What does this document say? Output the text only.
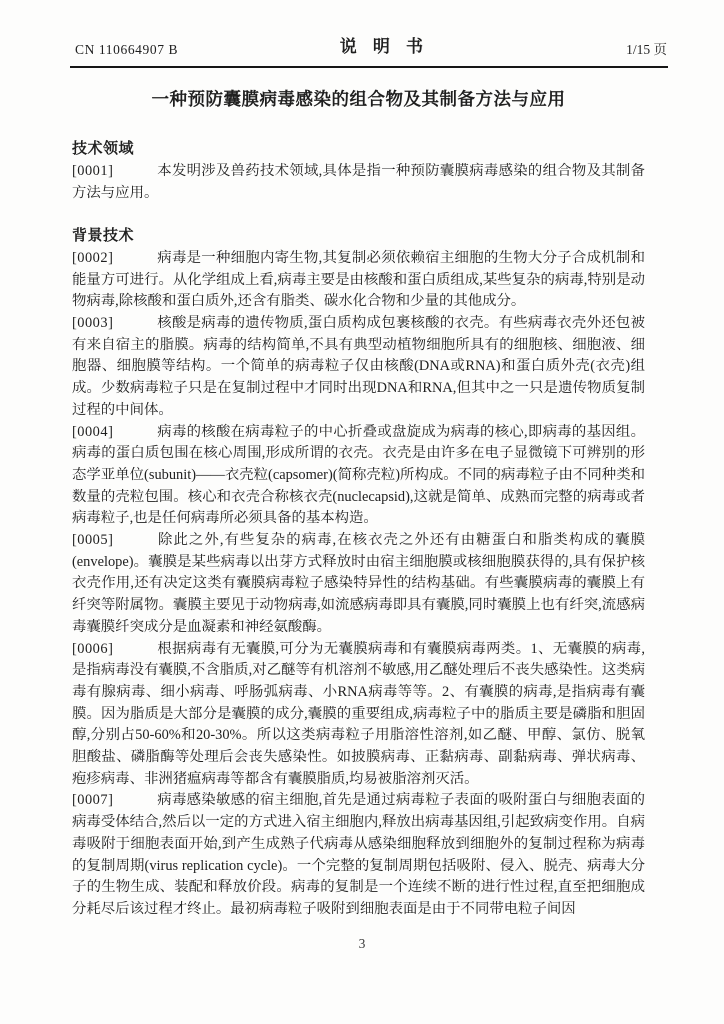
CN 110664907 B	说明书	1/15 页
一种预防囊膜病毒感染的组合物及其制备方法与应用
技术领域

[0001]	本发明涉及兽药技术领域,具体是指一种预防囊膜病毒感染的组合物及其制备方法与应用。

背景技术

[0002]	病毒是一种细胞内寄生物,其复制必须依赖宿主细胞的生物大分子合成机制和能量方可进行。从化学组成上看,病毒主要是由核酸和蛋白质组成,某些复杂的病毒,特别是动物病毒,除核酸和蛋白质外,还含有脂类、碳水化合物和少量的其他成分。

[0003]	核酸是病毒的遗传物质,蛋白质构成包裹核酸的衣壳。有些病毒衣壳外还包被有来自宿主的脂膜。病毒的结构简单,不具有典型动植物细胞所具有的细胞核、细胞液、细胞器、细胞膜等结构。一个简单的病毒粒子仅由核酸(DNA或RNA)和蛋白质外壳(衣壳)组成。少数病毒粒子只是在复制过程中才同时出现DNA和RNA,但其中之一只是遗传物质复制过程的中间体。

[0004]	病毒的核酸在病毒粒子的中心折叠或盘旋成为病毒的核心,即病毒的基因组。病毒的蛋白质包围在核心周围,形成所谓的衣壳。衣壳是由许多在电子显微镜下可辨别的形态学亚单位(subunit)——衣壳粒(capsomer)(简称壳粒)所构成。不同的病毒粒子由不同种类和数量的壳粒包围。核心和衣壳合称核衣壳(nuclecapsid),这就是简单、成熟而完整的病毒或者病毒粒子,也是任何病毒所必须具备的基本构造。

[0005]	除此之外,有些复杂的病毒,在核衣壳之外还有由糖蛋白和脂类构成的囊膜(envelope)。囊膜是某些病毒以出芽方式释放时由宿主细胞膜或核细胞膜获得的,具有保护核衣壳作用,还有决定这类有囊膜病毒粒子感染特异性的结构基础。有些囊膜病毒的囊膜上有纤突等附属物。囊膜主要见于动物病毒,如流感病毒即具有囊膜,同时囊膜上也有纤突,流感病毒囊膜纤突成分是血凝素和神经氨酸酶。

[0006]	根据病毒有无囊膜,可分为无囊膜病毒和有囊膜病毒两类。1、无囊膜的病毒,是指病毒没有囊膜,不含脂质,对乙醚等有机溶剂不敏感,用乙醚处理后不丧失感染性。这类病毒有腺病毒、细小病毒、呼肠弧病毒、小RNA病毒等等。2、有囊膜的病毒,是指病毒有囊膜。因为脂质是大部分是囊膜的成分,囊膜的重要组成,病毒粒子中的脂质主要是磷脂和胆固醇,分别占50-60%和20-30%。所以这类病毒粒子用脂溶性溶剂,如乙醚、甲醇、氯仿、脱氧胆酸盐、磷脂酶等处理后会丧失感染性。如披膜病毒、正黏病毒、副黏病毒、弹状病毒、疱疹病毒、非洲猪瘟病毒等都含有囊膜脂质,均易被脂溶剂灭活。

[0007]	病毒感染敏感的宿主细胞,首先是通过病毒粒子表面的吸附蛋白与细胞表面的病毒受体结合,然后以一定的方式进入宿主细胞内,释放出病毒基因组,引起致病变作用。自病毒吸附于细胞表面开始,到产生成熟子代病毒从感染细胞释放到细胞外的复制过程称为病毒的复制周期(virus replication cycle)。一个完整的复制周期包括吸附、侵入、脱壳、病毒大分子的生物生成、装配和释放价段。病毒的复制是一个连续不断的进行性过程,直至把细胞成分耗尽后该过程才终止。最初病毒粒子吸附到细胞表面是由于不同带电粒子间因

3
